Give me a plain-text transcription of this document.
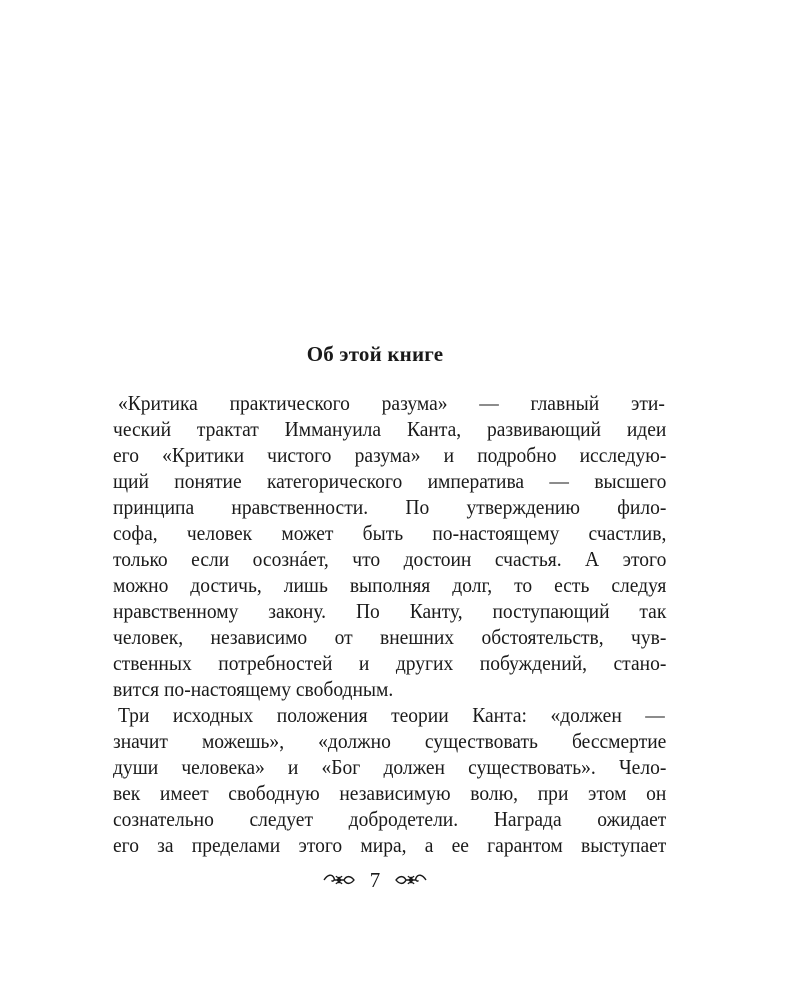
Об этой книге
«Критика практического разума» — главный эти-
ческий трактат Иммануила Канта, развивающий идеи
его «Критики чистого разума» и подробно исследую-
щий понятие категорического императива — высшего
принципа нравственности. По утверждению фило-
софа, человек может быть по-настоящему счастлив,
только если осознáет, что достоин счастья. А этого
можно достичь, лишь выполняя долг, то есть следуя
нравственному закону. По Канту, поступающий так
человек, независимо от внешних обстоятельств, чув-
ственных потребностей и других побуждений, стано-
вится по-настоящему свободным.
Три исходных положения теории Канта: «должен —
значит можешь», «должно существовать бессмертие
души человека» и «Бог должен существовать». Чело-
век имеет свободную независимую волю, при этом он
сознательно следует добродетели. Награда ожидает
его за пределами этого мира, а ее гарантом выступает
7
